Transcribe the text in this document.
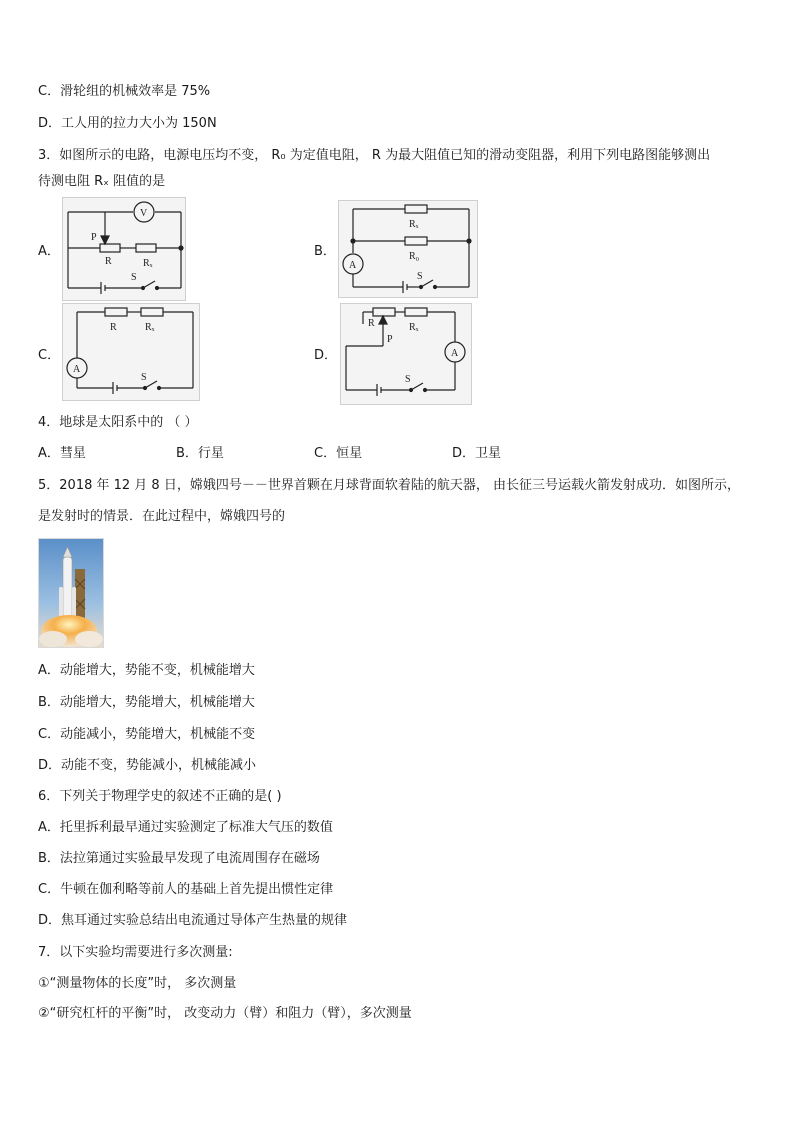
C．滑轮组的机械效率是 75%
D．工人用的拉力大小为 150N
3．如图所示的电路，电源电压均不变， R₀ 为定值电阻， R 为最大阻值已知的滑动变阻器，利用下列电路图能够测出
待测电阻 Rₓ 阻值的是
A．
V
P
R	Rₓ
S
B．
Rₓ
R₀
A
S
C．
R	Rₓ
A
S
D．
R	Rₓ
P
A
S
4．地球是太阳系中的 （ ）
A．彗星	B．行星	C．恒星	D．卫星
5．2018 年 12 月 8 日，嫦娥四号－－世界首颗在月球背面软着陆的航天器， 由长征三号运载火箭发射成功．如图所示，
是发射时的情景．在此过程中，嫦娥四号的
A．动能增大，势能不变，机械能增大
B．动能增大，势能增大，机械能增大
C．动能减小，势能增大，机械能不变
D．动能不变，势能减小，机械能减小
6．下列关于物理学史的叙述不正确的是( )
A．托里拆利最早通过实验测定了标准大气压的数值
B．法拉第通过实验最早发现了电流周围存在磁场
C．牛顿在伽利略等前人的基础上首先提出惯性定律
D．焦耳通过实验总结出电流通过导体产生热量的规律
7．以下实验均需要进行多次测量:
①“测量物体的长度”时， 多次测量
②“研究杠杆的平衡”时， 改变动力（臂）和阻力（臂），多次测量
